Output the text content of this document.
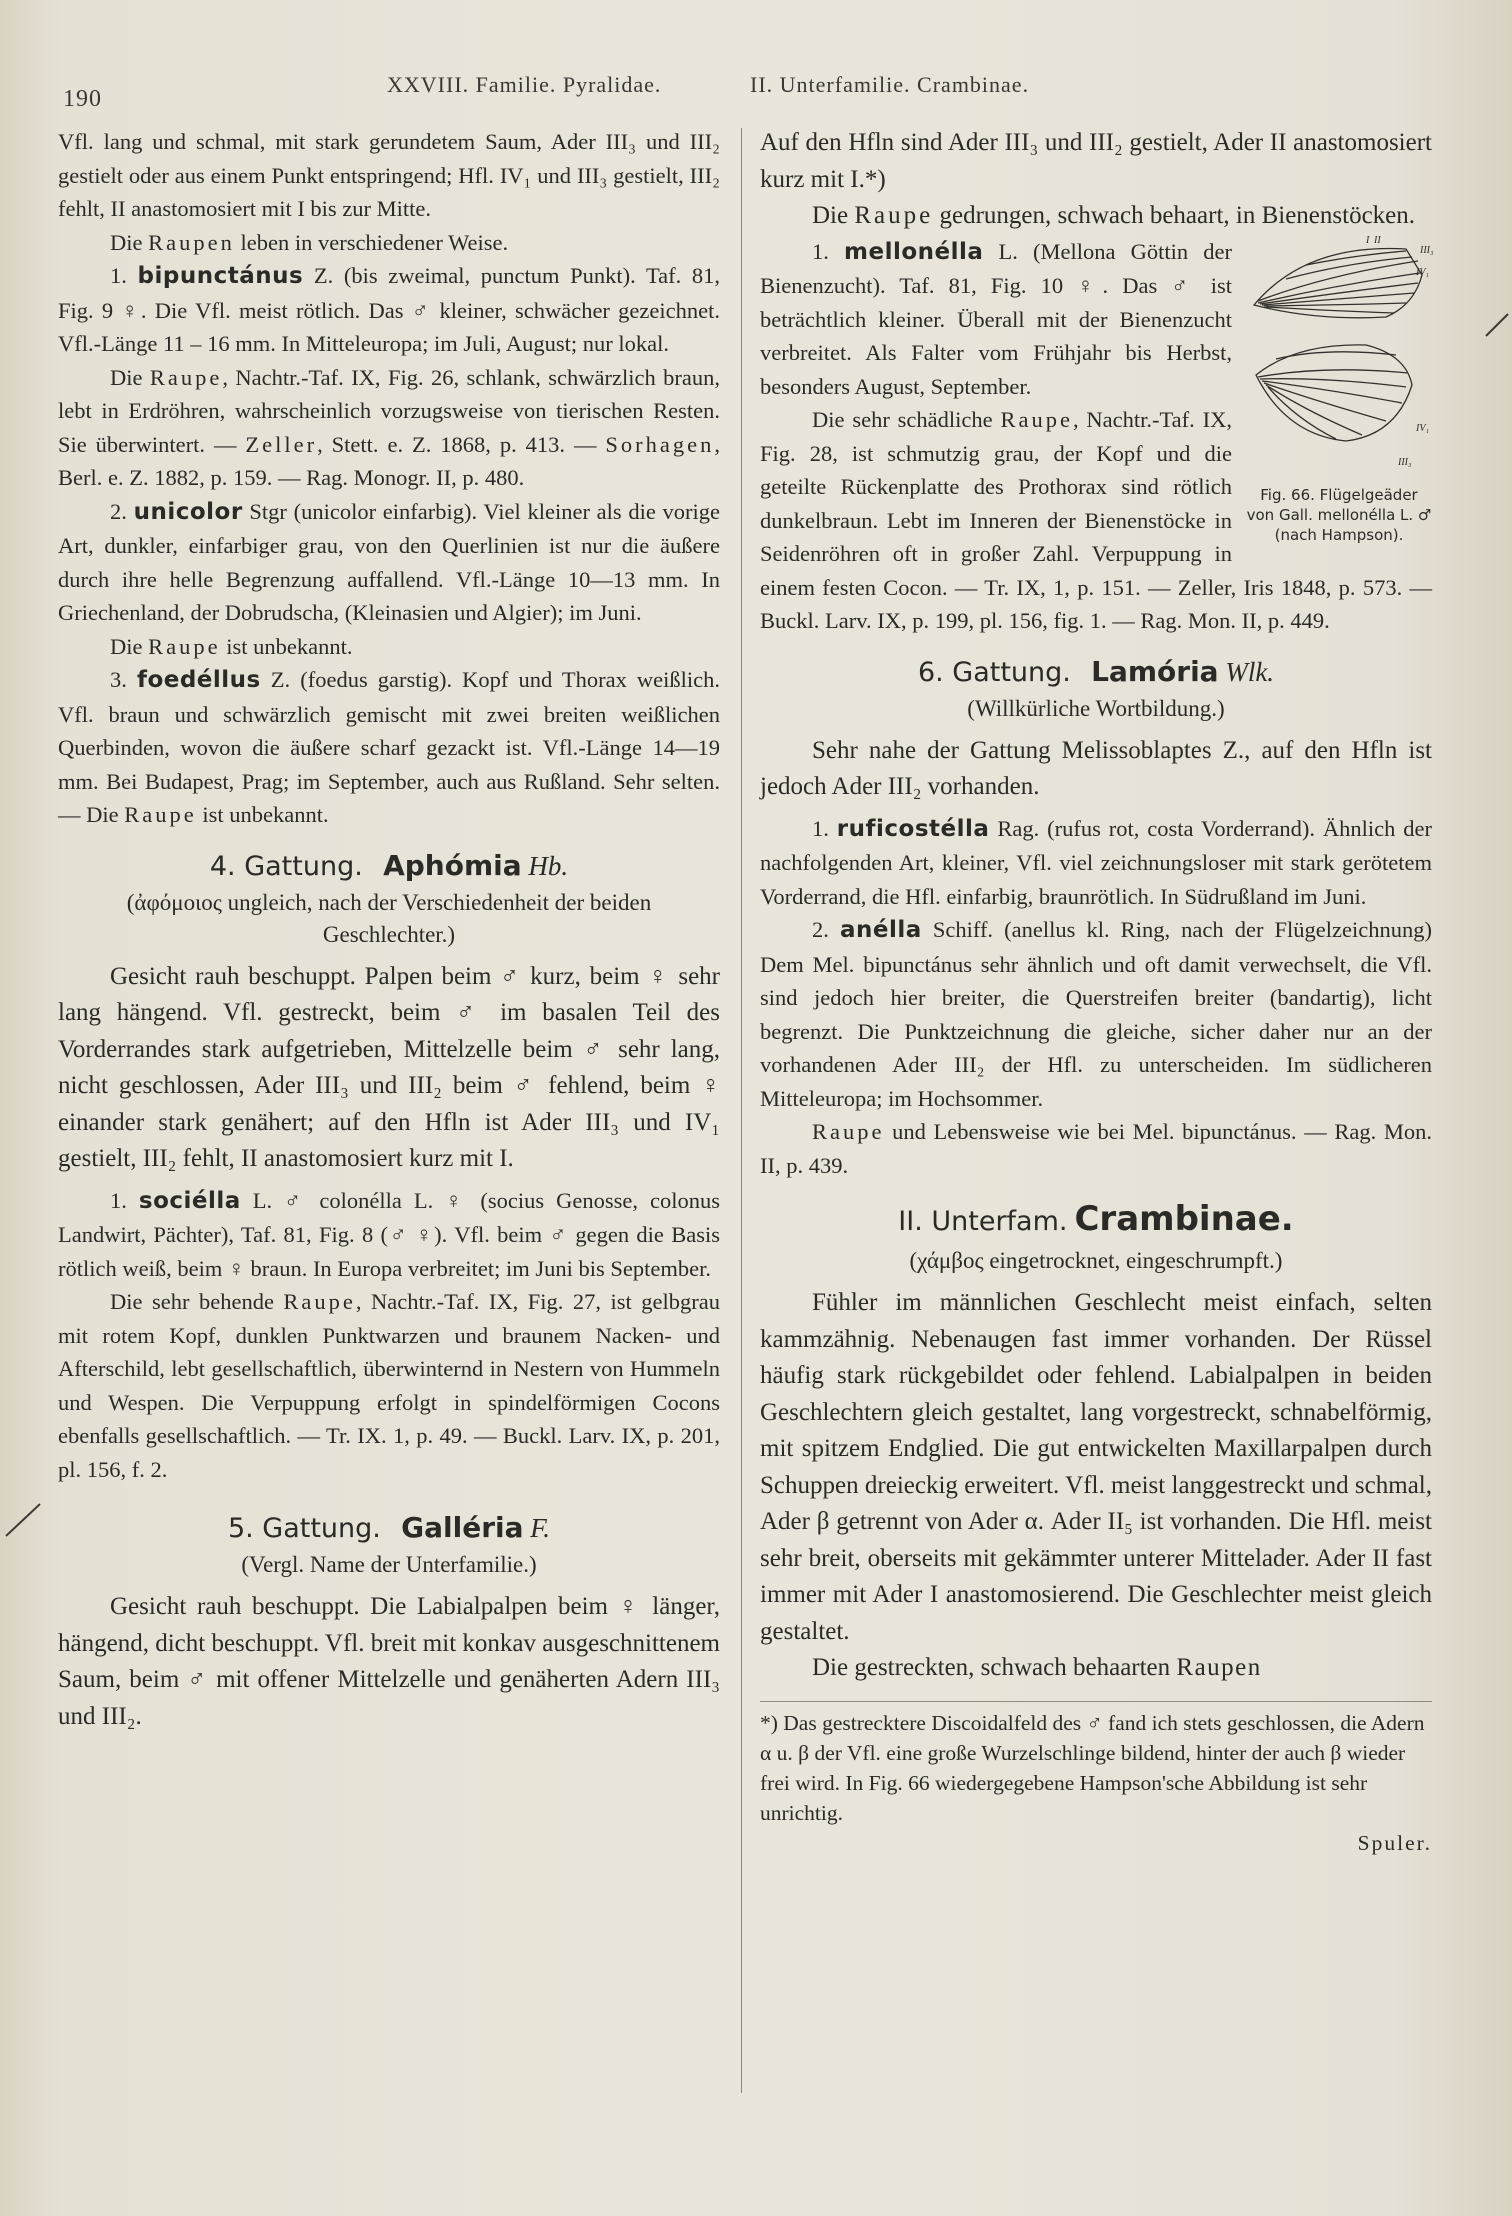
190
XXVIII. Familie. Pyralidae.	II. Unterfamilie. Crambinae.

Vfl. lang und schmal, mit stark gerundetem Saum, Ader III₃ und III₂ gestielt oder aus einem Punkt entspringend; Hfl. IV₁ und III₃ gestielt, III₂ fehlt, II anastomosiert mit I bis zur Mitte.

Die Raupen leben in verschiedener Weise.

1. bipunctánus Z. (bis zweimal, punctum Punkt). Taf. 81, Fig. 9 ♀. Die Vfl. meist rötlich. Das ♂ kleiner, schwächer gezeichnet. Vfl.-Länge 11 – 16 mm. In Mitteleuropa; im Juli, August; nur lokal.

Die Raupe, Nachtr.-Taf. IX, Fig. 26, schlank, schwärzlich braun, lebt in Erdröhren, wahrscheinlich vorzugsweise von tierischen Resten. Sie überwintert. — Zeller, Stett. e. Z. 1868, p. 413. — Sorhagen, Berl. e. Z. 1882, p. 159. — Rag. Monogr. II, p. 480.

2. unicolor Stgr (unicolor einfarbig). Viel kleiner als die vorige Art, dunkler, einfarbiger grau, von den Querlinien ist nur die äußere durch ihre helle Begrenzung auffallend. Vfl.-Länge 10—13 mm. In Griechenland, der Dobrudscha, (Kleinasien und Algier); im Juni.

Die Raupe ist unbekannt.

3. foedéllus Z. (foedus garstig). Kopf und Thorax weißlich. Vfl. braun und schwärzlich gemischt mit zwei breiten weißlichen Querbinden, wovon die äußere scharf gezackt ist. Vfl.-Länge 14—19 mm. Bei Budapest, Prag; im September, auch aus Rußland. Sehr selten. — Die Raupe ist unbekannt.

4. Gattung. Aphómia Hb.
(ἀφόμοιος ungleich, nach der Verschiedenheit der beiden Geschlechter.)

Gesicht rauh beschuppt. Palpen beim ♂ kurz, beim ♀ sehr lang hängend. Vfl. gestreckt, beim ♂ im basalen Teil des Vorderrandes stark aufgetrieben, Mittelzelle beim ♂ sehr lang, nicht geschlossen, Ader III₃ und III₂ beim ♂ fehlend, beim ♀ einander stark genähert; auf den Hfln ist Ader III₃ und IV₁ gestielt, III₂ fehlt, II anastomosiert kurz mit I.

1. sociélla L. ♂ colonélla L. ♀ (socius Genosse, colonus Landwirt, Pächter), Taf. 81, Fig. 8 (♂ ♀). Vfl. beim ♂ gegen die Basis rötlich weiß, beim ♀ braun. In Europa verbreitet; im Juni bis September.

Die sehr behende Raupe, Nachtr.-Taf. IX, Fig. 27, ist gelbgrau mit rotem Kopf, dunklen Punktwarzen und braunem Nacken- und Afterschild, lebt gesellschaftlich, überwinternd in Nestern von Hummeln und Wespen. Die Verpuppung erfolgt in spindelförmigen Cocons ebenfalls gesellschaftlich. — Tr. IX. 1, p. 49. — Buckl. Larv. IX, p. 201, pl. 156, f. 2.

5. Gattung. Galléria F.
(Vergl. Name der Unterfamilie.)

Gesicht rauh beschuppt. Die Labialpalpen beim ♀ länger, hängend, dicht beschuppt. Vfl. breit mit konkav ausgeschnittenem Saum, beim ♂ mit offener Mittelzelle und genäherten Adern III₃ und III₂.

Auf den Hfln sind Ader III₃ und III₂ gestielt, Ader II anastomosiert kurz mit I.*)

Die Raupe gedrungen, schwach behaart, in Bienenstöcken.

I II
III₃
IV₁
III₃
IV₁
Fig. 66. Flügelgeäder von Gall. mellonélla L. ♂ (nach Hampson).

1. mellonélla L. (Mellona Göttin der Bienenzucht). Taf. 81, Fig. 10 ♀. Das ♂ ist beträchtlich kleiner. Überall mit der Bienenzucht verbreitet. Als Falter vom Frühjahr bis Herbst, besonders August, September.

Die sehr schädliche Raupe, Nachtr.-Taf. IX, Fig. 28, ist schmutzig grau, der Kopf und die geteilte Rückenplatte des Prothorax sind rötlich dunkelbraun. Lebt im Inneren der Bienenstöcke in Seidenröhren oft in großer Zahl. Verpuppung in einem festen Cocon. — Tr. IX, 1, p. 151. — Zeller, Iris 1848, p. 573. — Buckl. Larv. IX, p. 199, pl. 156, fig. 1. — Rag. Mon. II, p. 449.

6. Gattung. Lamória Wlk.
(Willkürliche Wortbildung.)

Sehr nahe der Gattung Melissoblaptes Z., auf den Hfln ist jedoch Ader III₂ vorhanden.

1. ruficostélla Rag. (rufus rot, costa Vorderrand). Ähnlich der nachfolgenden Art, kleiner, Vfl. viel zeichnungsloser mit stark gerötetem Vorderrand, die Hfl. einfarbig, braunrötlich. In Südrußland im Juni.

2. anélla Schiff. (anellus kl. Ring, nach der Flügelzeichnung) Dem Mel. bipunctánus sehr ähnlich und oft damit verwechselt, die Vfl. sind jedoch hier breiter, die Querstreifen breiter (bandartig), licht begrenzt. Die Punktzeichnung die gleiche, sicher daher nur an der vorhandenen Ader III₂ der Hfl. zu unterscheiden. Im südlicheren Mitteleuropa; im Hochsommer.

Raupe und Lebensweise wie bei Mel. bipunctánus. — Rag. Mon. II, p. 439.

II. Unterfam. Crambinae.
(χάμβος eingetrocknet, eingeschrumpft.)

Fühler im männlichen Geschlecht meist einfach, selten kammzähnig. Nebenaugen fast immer vorhanden. Der Rüssel häufig stark rückgebildet oder fehlend. Labialpalpen in beiden Geschlechtern gleich gestaltet, lang vorgestreckt, schnabelförmig, mit spitzem Endglied. Die gut entwickelten Maxillarpalpen durch Schuppen dreieckig erweitert. Vfl. meist langgestreckt und schmal, Ader β getrennt von Ader α. Ader II₅ ist vorhanden. Die Hfl. meist sehr breit, oberseits mit gekämmter unterer Mittelader. Ader II fast immer mit Ader I anastomosierend. Die Geschlechter meist gleich gestaltet.

Die gestreckten, schwach behaarten Raupen

*) Das gestrecktere Discoidalfeld des ♂ fand ich stets geschlossen, die Adern α u. β der Vfl. eine große Wurzelschlinge bildend, hinter der auch β wieder frei wird. In Fig. 66 wiedergegebene Hampson'sche Abbildung ist sehr unrichtig.
Spuler.
